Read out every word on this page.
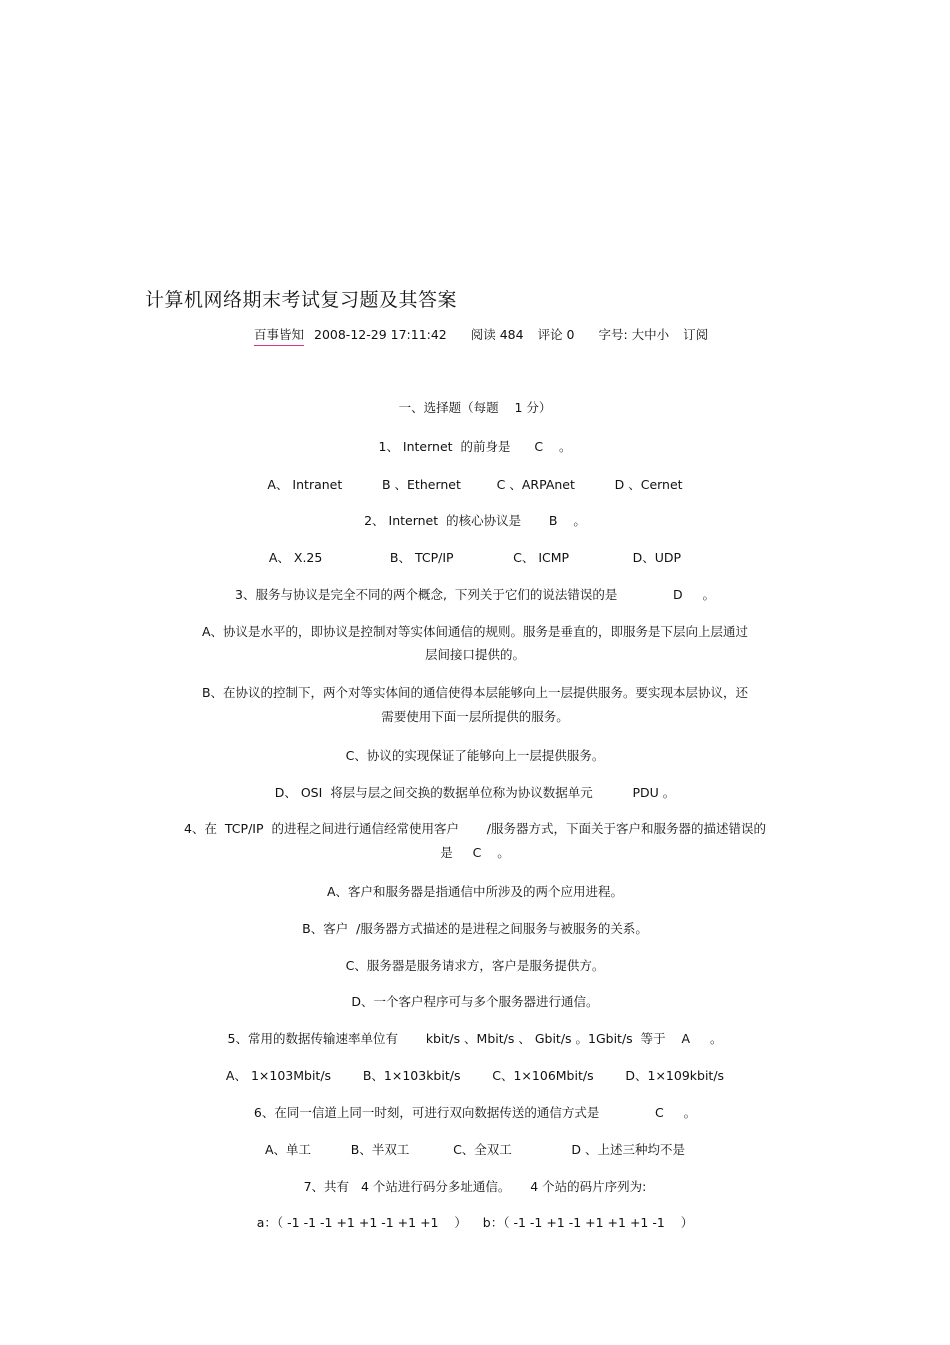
计算机网络期末考试复习题及其答案
百事皆知 2008-12-29 17:11:42 阅读 484 评论 0 字号: 大中小 订阅
一、选择题（每题    1 分）
1、 Internet  的前身是      C    。
A、 Intranet          B 、Ethernet         C 、ARPAnet          D 、Cernet
2、 Internet  的核心协议是       B    。
A、 X.25                 B、 TCP/IP               C、 ICMP                D、UDP
3、服务与协议是完全不同的两个概念,  下列关于它们的说法错误的是              D     。
A、协议是水平的，即协议是控制对等实体间通信的规则。服务是垂直的，即服务是下层向上层通过
层间接口提供的。
B、在协议的控制下，两个对等实体间的通信使得本层能够向上一层提供服务。要实现本层协议，还
需要使用下面一层所提供的服务。
C、协议的实现保证了能够向上一层提供服务。
D、 OSI  将层与层之间交换的数据单位称为协议数据单元          PDU 。
4、在  TCP/IP  的进程之间进行通信经常使用客户       /服务器方式，下面关于客户和服务器的描述错误的
是     C    。
A、客户和服务器是指通信中所涉及的两个应用进程。
B、客户  /服务器方式描述的是进程之间服务与被服务的关系。
C、服务器是服务请求方，客户是服务提供方。
D、一个客户程序可与多个服务器进行通信。
5、常用的数据传输速率单位有       kbit/s 、Mbit/s 、 Gbit/s 。1Gbit/s  等于    A     。
A、 1×103Mbit/s        B、1×103kbit/s        C、1×106Mbit/s        D、1×109kbit/s
6、在同一信道上同一时刻，可进行双向数据传送的通信方式是              C     。
A、单工          B、半双工           C、全双工               D 、上述三种均不是
7、共有   4 个站进行码分多址通信。     4 个站的码片序列为:
a：（ -1 -1 -1 +1 +1 -1 +1 +1    ）    b：（ -1 -1 +1 -1 +1 +1 +1 -1    ）
